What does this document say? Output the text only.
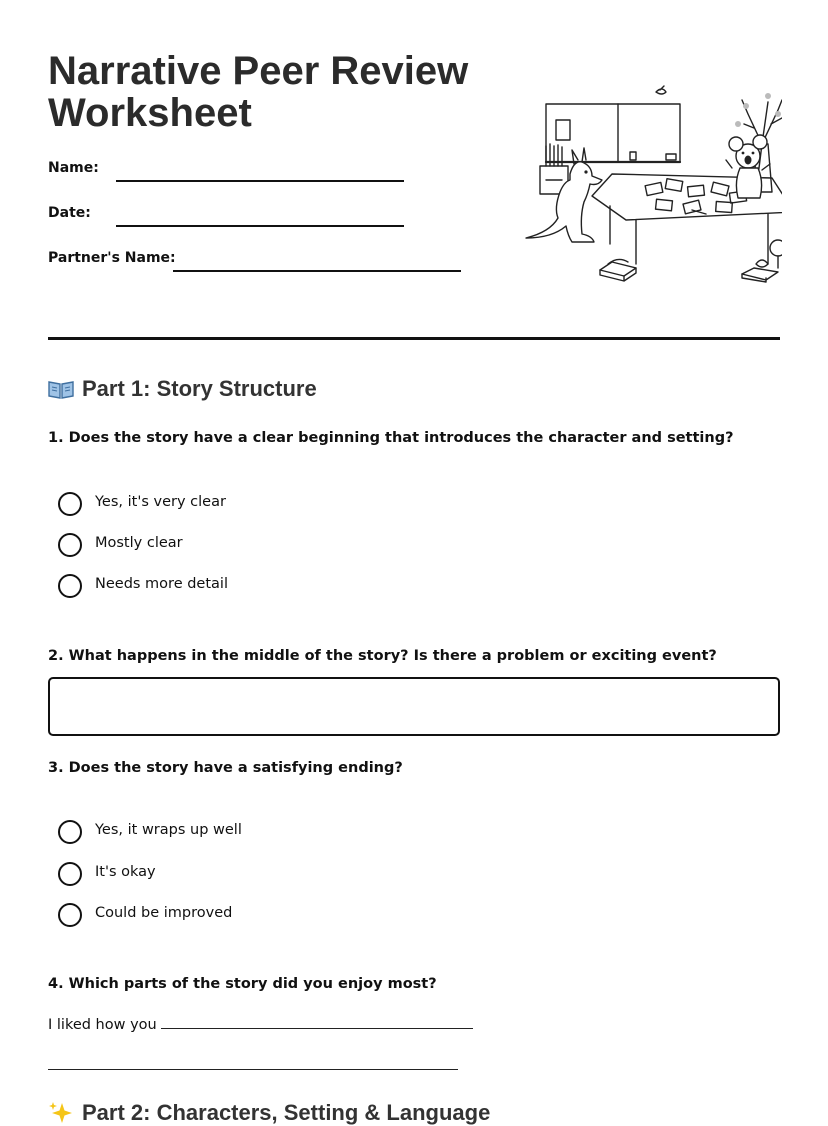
Narrative Peer Review Worksheet
Name:
Date:
Partner's Name:
Part 1: Story Structure
1. Does the story have a clear beginning that introduces the character and setting?
Yes, it's very clear
Mostly clear
Needs more detail
2. What happens in the middle of the story? Is there a problem or exciting event?
3. Does the story have a satisfying ending?
Yes, it wraps up well
It's okay
Could be improved
4. Which parts of the story did you enjoy most?
I liked how you
Part 2: Characters, Setting & Language
